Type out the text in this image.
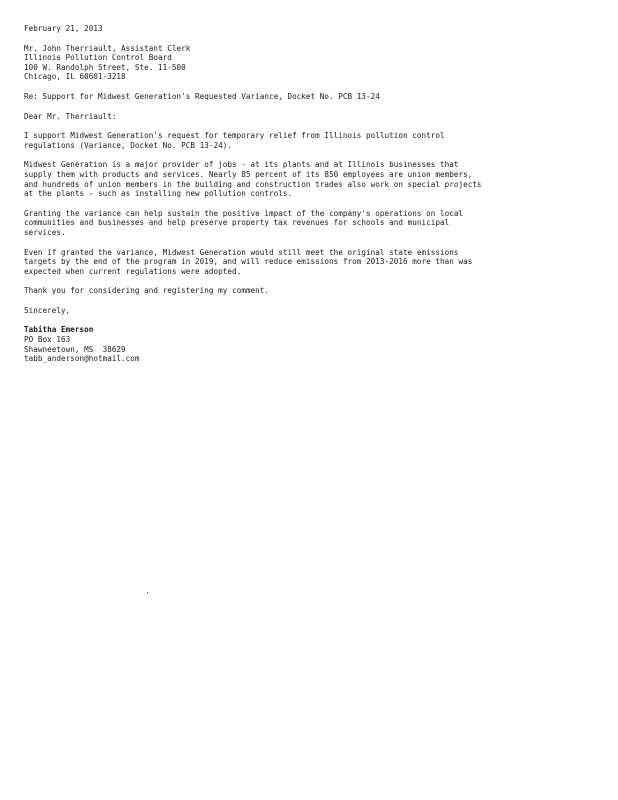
February 21, 2013
Mr. John Therriault, Assistant Clerk
Illinois Pollution Control Board
100 W. Randolph Street, Ste. 11-500
Chicago, IL 60601-3218
Re: Support for Midwest Generation's Requested Variance, Docket No. PCB 13-24
Dear Mr. Therriault:
I support Midwest Generation's request for temporary relief from Illinois pollution control
regulations (Variance, Docket No. PCB 13-24).
Midwest Generation is a major provider of jobs - at its plants and at Illinois businesses that
supply them with products and services. Nearly 85 percent of its 850 employees are union members,
and hundreds of union members in the building and construction trades also work on special projects
at the plants - such as installing new pollution controls.
Granting the variance can help sustain the positive impact of the company's operations on local
communities and businesses and help preserve property tax revenues for schools and municipal
services.
Even if granted the variance, Midwest Generation would still meet the original state emissions
targets by the end of the program in 2019, and will reduce emissions from 2013-2016 more than was
expected when current regulations were adopted.
Thank you for considering and registering my comment.
Sincerely,
Tabitha Emerson
PO Box 163
Shawneetown, MS  38629
tabb_anderson@hotmail.com
